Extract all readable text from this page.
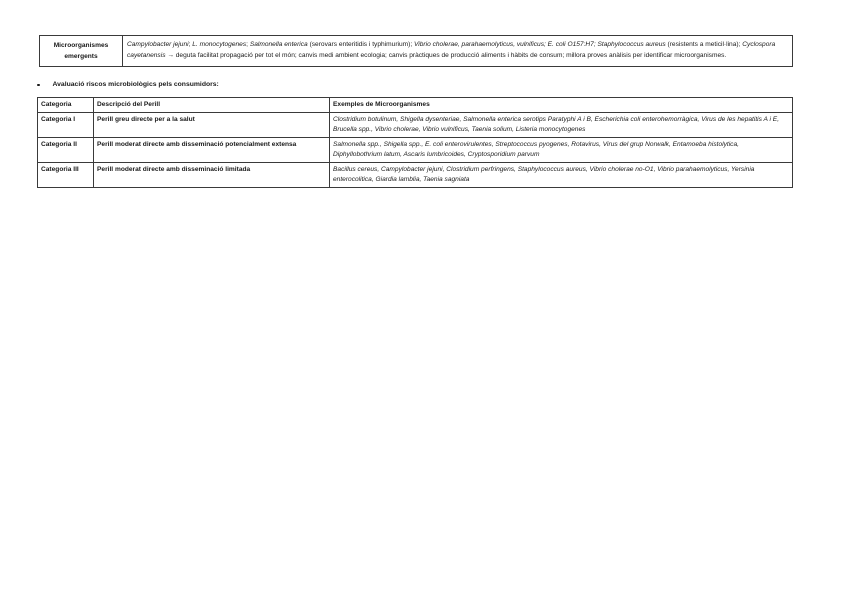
Microorganismes emergents	Campylobacter jejuni; L. monocytogenes; Salmonella enterica (serovars enteritidis i typhimurium); Vibrio cholerae, parahaemolyticus, vulnificus; E. coli O157:H7; Staphylococcus aureus (resistents a meticil·lina); Cyclospora cayetanensis → deguta facilitat propagació per tot el món; canvis medi ambient ecologia; canvis pràctiques de producció aliments i hàbits de consum; millora proves anàlisis per identificar microorganismes.
Avaluació riscos microbiològics pels consumidors:
Categoria	Descripció del Perill	Exemples de Microorganismes
Categoria I	Perill greu directe per a la salut	Clostridium botulinum, Shigella dysenteriae, Salmonella enterica serotips Paratyphi A i B, Escherichia coli enterohemorràgica, Virus de les hepatitis A i E, Brucella spp., Vibrio cholerae, Vibrio vulnificus, Taenia solium, Listeria monocytogenes
Categoria II	Perill moderat directe amb disseminació potencialment extensa	Salmonella spp., Shigella spp., E. coli enterovirulentes, Streptococcus pyogenes, Rotavirus, Virus del grup Norwalk, Entamoeba histolytica, Diphyllobothrium latum, Ascaris lumbricoides, Cryptosporidium parvum
Categoria III	Perill moderat directe amb disseminació limitada	Bacillus cereus, Campylobacter jejuni, Clostridium perfringens, Staphylococcus aureus, Vibrio cholerae no-O1, Vibrio parahaemolyticus, Yersinia enterocolitica, Giardia lamblia, Taenia sagniata
